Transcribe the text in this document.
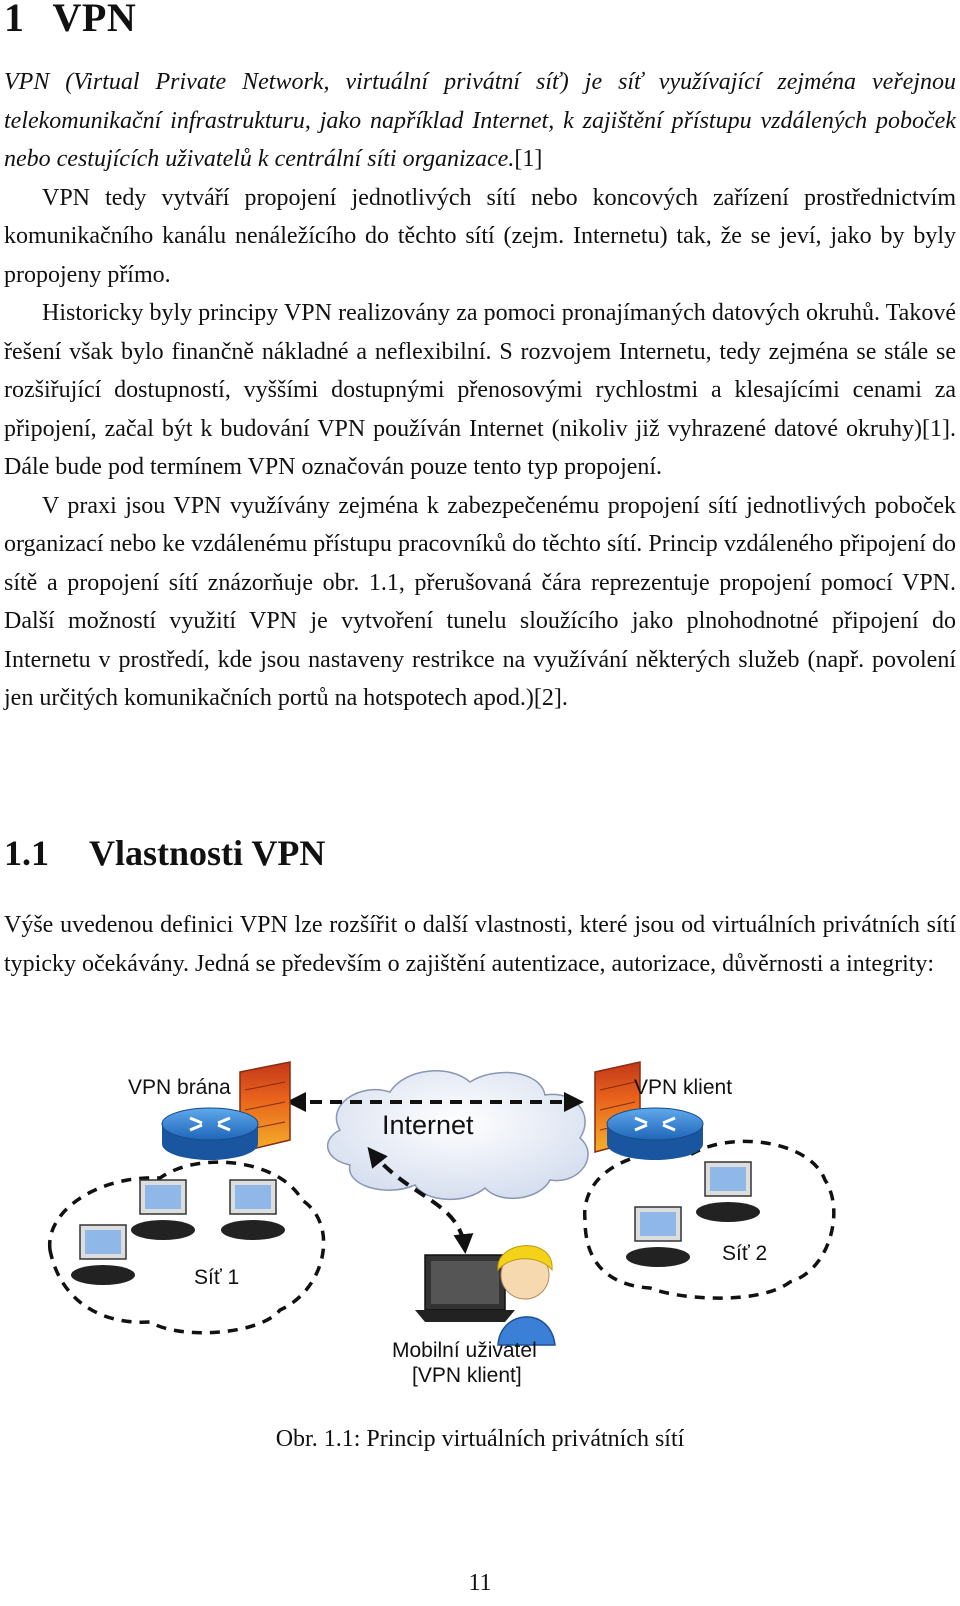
1 VPN

VPN (Virtual Private Network, virtuální privátní síť) je síť využívající zejména veřejnou telekomunikační infrastrukturu, jako například Internet, k zajištění přístupu vzdálených poboček nebo cestujících uživatelů k centrální síti organizace.[1]

VPN tedy vytváří propojení jednotlivých sítí nebo koncových zařízení prostřednictvím komunikačního kanálu nenáležícího do těchto sítí (zejm. Internetu) tak, že se jeví, jako by byly propojeny přímo.

Historicky byly principy VPN realizovány za pomoci pronajímaných datových okruhů. Takové řešení však bylo finančně nákladné a neflexibilní. S rozvojem Internetu, tedy zejména se stále se rozšiřující dostupností, vyššími dostupnými přenosovými rychlostmi a klesajícími cenami za připojení, začal být k budování VPN používán Internet (nikoliv již vyhrazené datové okruhy)[1]. Dále bude pod termínem VPN označován pouze tento typ propojení.

V praxi jsou VPN využívány zejména k zabezpečenému propojení sítí jednotlivých poboček organizací nebo ke vzdálenému přístupu pracovníků do těchto sítí. Princip vzdáleného připojení do sítě a propojení sítí znázorňuje obr. 1.1, přerušovaná čára reprezentuje propojení pomocí VPN. Další možností využití VPN je vytvoření tunelu sloužícího jako plnohodnotné připojení do Internetu v prostředí, kde jsou nastaveny restrikce na využívání některých služeb (např. povolení jen určitých komunikačních portů na hotspotech apod.)[2].

1.1 Vlastnosti VPN

Výše uvedenou definici VPN lze rozšířit o další vlastnosti, které jsou od virtuálních privátních sítí typicky očekávány. Jedná se především o zajištění autentizace, autorizace, důvěrnosti a integrity:

VPN brána
Internet
VPN klient
Síť 1
Síť 2
Mobilní uživatel
[VPN klient]
Obr. 1.1: Princip virtuálních privátních sítí
11
